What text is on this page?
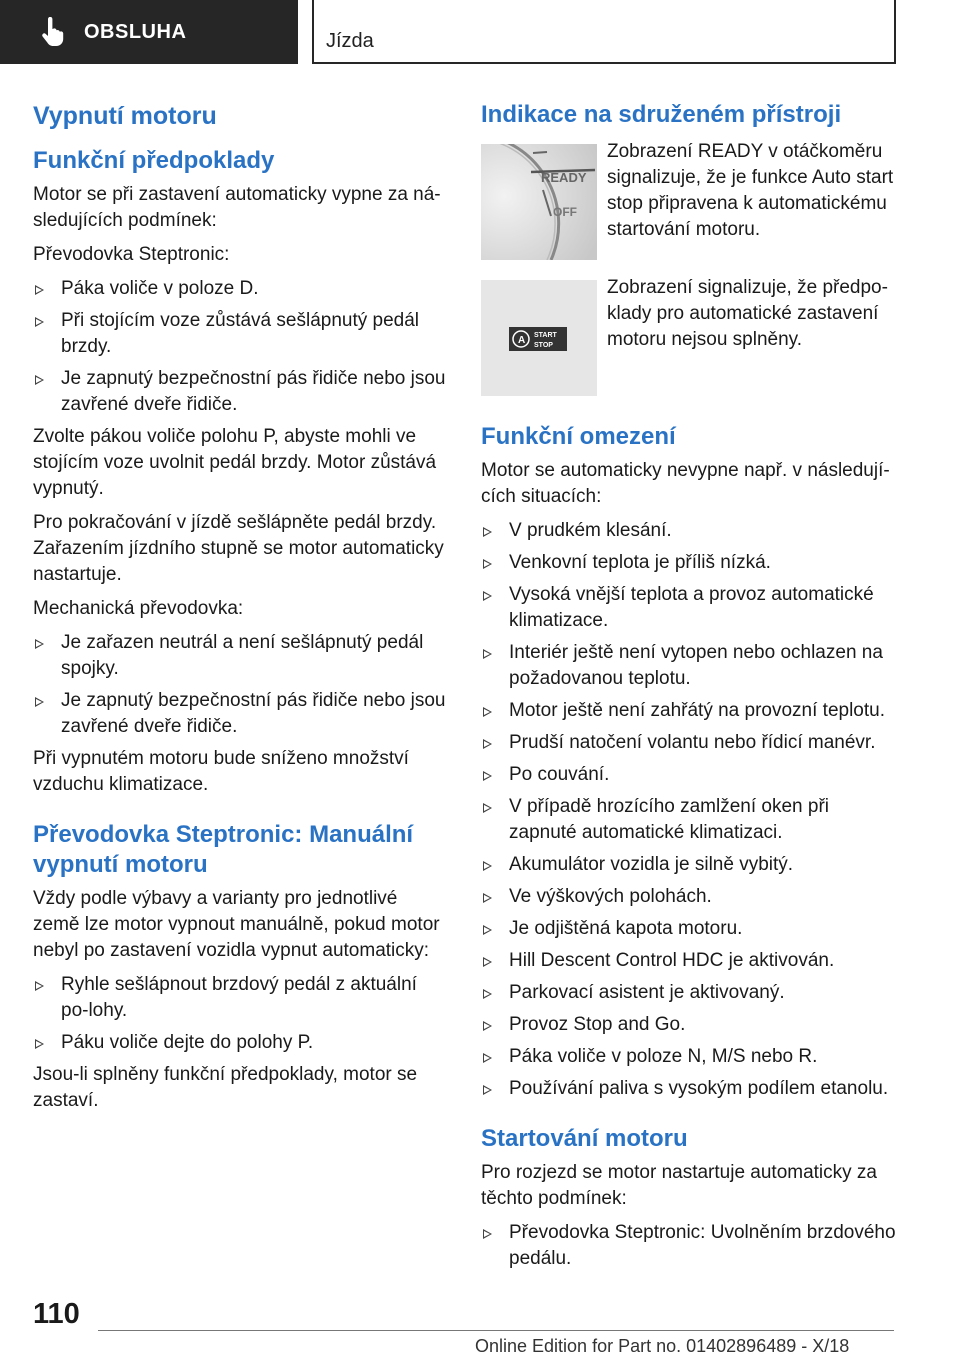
OBSLUHA	Jízda
Vypnutí motoru
Funkční předpoklady

Motor se při zastavení automaticky vypne za ná‐sledujících podmínek:

Převodovka Steptronic:

Páka voliče v poloze D.
Při stojícím voze zůstává sešlápnutý pedál brzdy.
Je zapnutý bezpečnostní pás řidiče nebo jsou zavřené dveře řidiče.

Zvolte pákou voliče polohu P, abyste mohli ve stojícím voze uvolnit pedál brzdy. Motor zůstává vypnutý.

Pro pokračování v jízdě sešlápněte pedál brzdy. Zařazením jízdního stupně se motor automaticky nastartuje.

Mechanická převodovka:

Je zařazen neutrál a není sešlápnutý pedál spojky.
Je zapnutý bezpečnostní pás řidiče nebo jsou zavřené dveře řidiče.

Při vypnutém motoru bude sníženo množství vzduchu klimatizace.

Převodovka Steptronic: Manuální vypnutí motoru

Vždy podle výbavy a varianty pro jednotlivé země lze motor vypnout manuálně, pokud motor nebyl po zastavení vozidla vypnut automaticky:

Ryhle sešlápnout brzdový pedál z aktuální po‐lohy.
Páku voliče dejte do polohy P.

Jsou-li splněny funkční předpoklady, motor se zastaví.

Indikace na sdruženém přístroji
READY
OFF
Zobrazení READY v otáčkoměru signalizuje, že je funkce Auto start stop připravena k automatickému startování motoru.
A START
STOP
Zobrazení signalizuje, že předpo‐klady pro automatické zastavení motoru nejsou splněny.
Funkční omezení

Motor se automaticky nevypne např. v následují‐cích situacích:

V prudkém klesání.
Venkovní teplota je příliš nízká.
Vysoká vnější teplota a provoz automatické klimatizace.
Interiér ještě není vytopen nebo ochlazen na požadovanou teplotu.
Motor ještě není zahřátý na provozní teplotu.
Prudší natočení volantu nebo řídicí manévr.
Po couvání.
V případě hrozícího zamlžení oken při zapnuté automatické klimatizaci.
Akumulátor vozidla je silně vybitý.
Ve výškových polohách.
Je odjištěná kapota motoru.
Hill Descent Control HDC je aktivován.
Parkovací asistent je aktivovaný.
Provoz Stop and Go.
Páka voliče v poloze N, M/S nebo R.
Používání paliva s vysokým podílem etanolu.
Startování motoru

Pro rozjezd se motor nastartuje automaticky za těchto podmínek:

Převodovka Steptronic: Uvolněním brzdového pedálu.
110
Online Edition for Part no. 01402896489 - X/18
